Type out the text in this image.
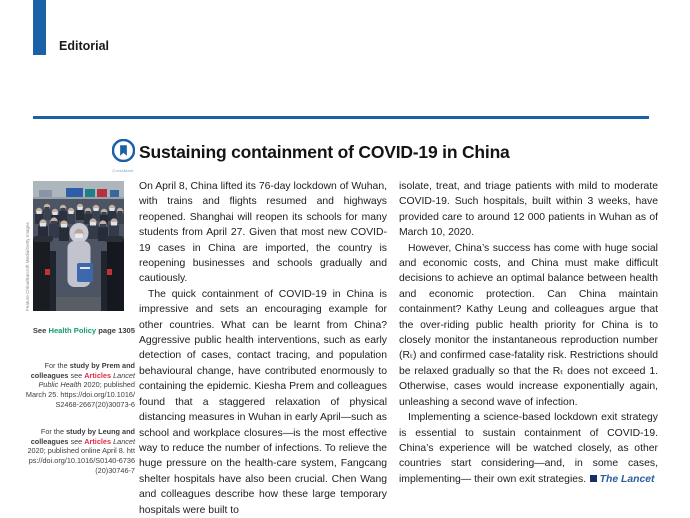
Editorial
CrossMark
Sustaining containment of COVID-19 in China
Feature China/Barcroft Media/Getty Images
See Health Policy page 1305
For the study by Prem and colleagues see Articles Lancet Public Health 2020; published March 25. https://doi.org/10.1016/S2468-2667(20)30073-6
For the study by Leung and colleagues see Articles Lancet 2020; published online April 8. https://doi.org/10.1016/S0140-6736(20)30746-7

On April 8, China lifted its 76-day lockdown of Wuhan, with trains and flights resumed and highways reopened. Shanghai will reopen its schools for many students from April 27. Given that most new COVID-19 cases in China are imported, the country is reopening businesses and schools gradually and cautiously.

The quick containment of COVID-19 in China is impressive and sets an encouraging example for other countries. What can be learnt from China? Aggressive public health interventions, such as early detection of cases, contact tracing, and population behavioural change, have contributed enormously to containing the epidemic. Kiesha Prem and colleagues found that a staggered relaxation of physical distancing measures in Wuhan in early April—such as school and workplace closures—is the most effective way to reduce the number of infections. To relieve the huge pressure on the health-care system, Fangcang shelter hospitals have also been crucial. Chen Wang and colleagues describe how these large temporary hospitals were built to

isolate, treat, and triage patients with mild to moderate COVID-19. Such hospitals, built within 3 weeks, have provided care to around 12 000 patients in Wuhan as of March 10, 2020.

However, China’s success has come with huge social and economic costs, and China must make difficult decisions to achieve an optimal balance between health and economic protection. Can China maintain containment? Kathy Leung and colleagues argue that the over-riding public health priority for China is to closely monitor the instantaneous reproduction number (Rₜ) and confirmed case-fatality risk. Restrictions should be relaxed gradually so that the Rₜ does not exceed 1. Otherwise, cases would increase exponentially again, unleashing a second wave of infection.

Implementing a science-based lockdown exit strategy is essential to sustain containment of COVID-19. China’s experience will be watched closely, as other countries start considering—and, in some cases, implementing— their own exit strategies. The Lancet
